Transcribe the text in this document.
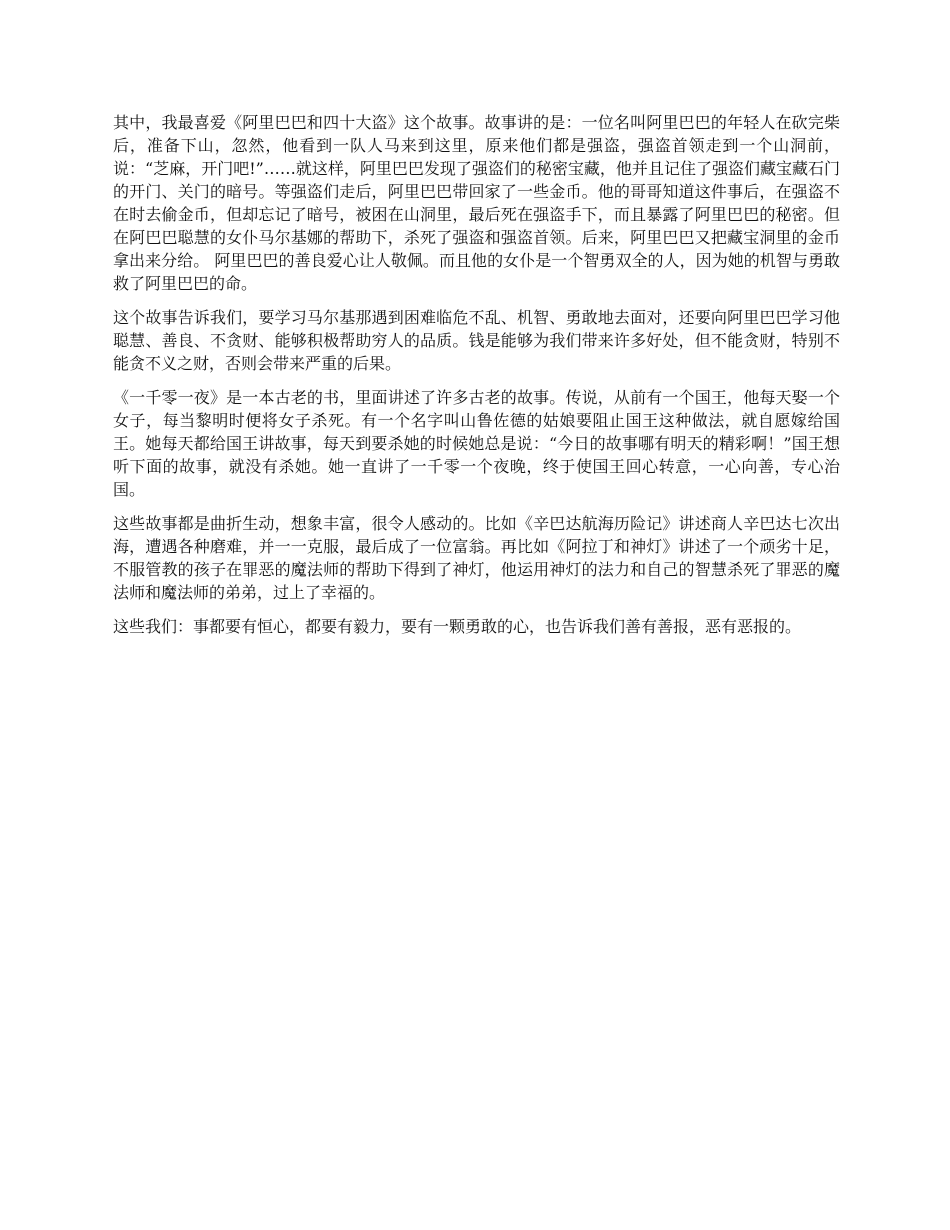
其中，我最喜爱《阿里巴巴和四十大盗》这个故事。故事讲的是：一位名叫阿里巴巴的年轻人在砍完柴后，准备下山，忽然，他看到一队人马来到这里，原来他们都是强盗，强盗首领走到一个山洞前，说：“芝麻，开门吧!”……就这样，阿里巴巴发现了强盗们的秘密宝藏，他并且记住了强盗们藏宝藏石门的开门、关门的暗号。等强盗们走后，阿里巴巴带回家了一些金币。他的哥哥知道这件事后，在强盗不在时去偷金币，但却忘记了暗号，被困在山洞里，最后死在强盗手下，而且暴露了阿里巴巴的秘密。但在阿巴巴聪慧的女仆马尔基娜的帮助下，杀死了强盗和强盗首领。后来，阿里巴巴又把藏宝洞里的金币拿出来分给。 阿里巴巴的善良爱心让人敬佩。而且他的女仆是一个智勇双全的人，因为她的机智与勇敢救了阿里巴巴的命。

这个故事告诉我们，要学习马尔基那遇到困难临危不乱、机智、勇敢地去面对，还要向阿里巴巴学习他聪慧、善良、不贪财、能够积极帮助穷人的品质。钱是能够为我们带来许多好处，但不能贪财，特别不能贪不义之财，否则会带来严重的后果。

《一千零一夜》是一本古老的书，里面讲述了许多古老的故事。传说，从前有一个国王，他每天娶一个女子，每当黎明时便将女子杀死。有一个名字叫山鲁佐德的姑娘要阻止国王这种做法，就自愿嫁给国王。她每天都给国王讲故事，每天到要杀她的时候她总是说：“今日的故事哪有明天的精彩啊！”国王想听下面的故事，就没有杀她。她一直讲了一千零一个夜晚，终于使国王回心转意，一心向善，专心治国。

这些故事都是曲折生动，想象丰富，很令人感动的。比如《辛巴达航海历险记》讲述商人辛巴达七次出海，遭遇各种磨难，并一一克服，最后成了一位富翁。再比如《阿拉丁和神灯》讲述了一个顽劣十足，不服管教的孩子在罪恶的魔法师的帮助下得到了神灯，他运用神灯的法力和自己的智慧杀死了罪恶的魔法师和魔法师的弟弟，过上了幸福的。

这些我们：事都要有恒心，都要有毅力，要有一颗勇敢的心，也告诉我们善有善报，恶有恶报的。
